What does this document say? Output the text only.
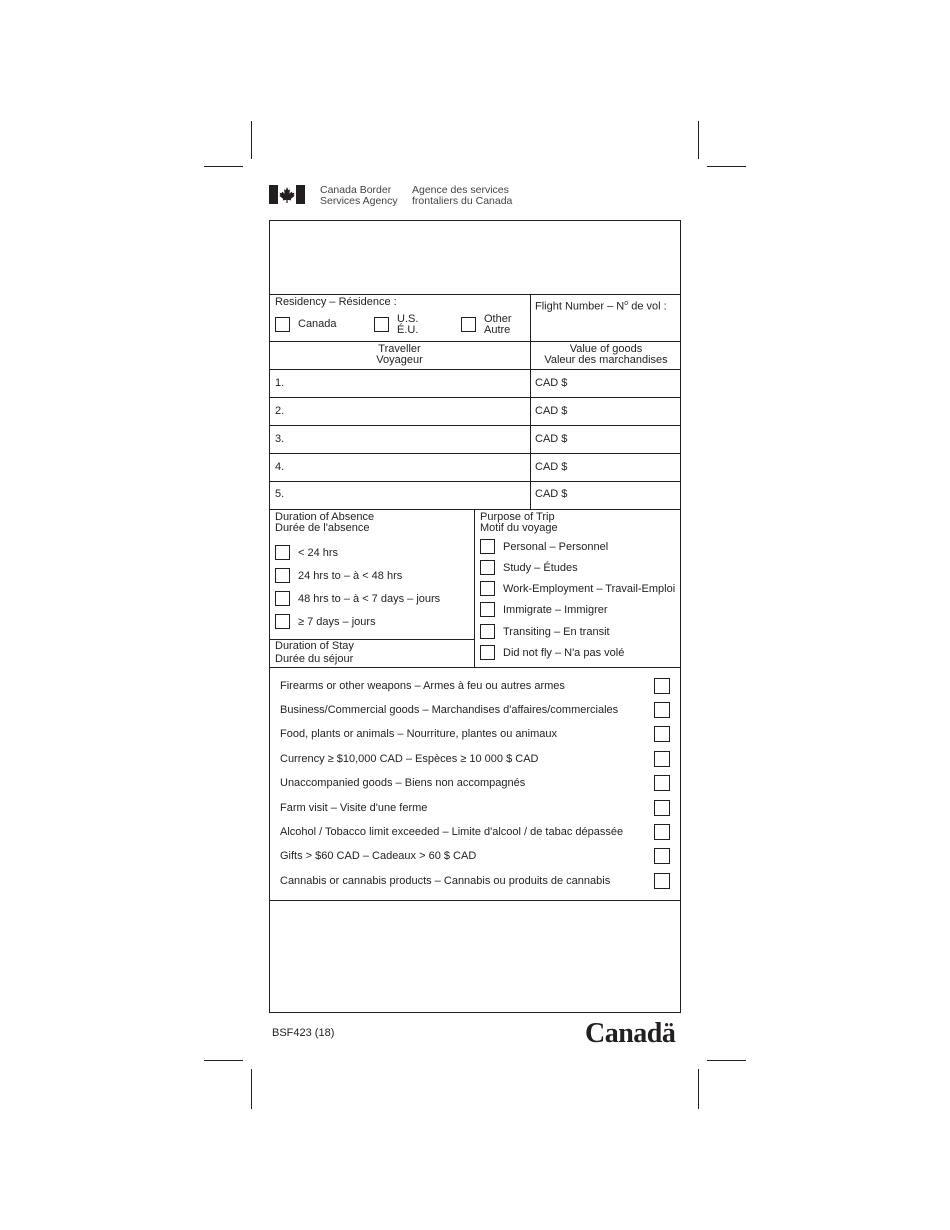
Canada Border
Services Agency
Agence des services
frontaliers du Canada
Residency – Résidence :
Canada	U.S.
É.U.
Other
Autre
Flight Number – $N^o$ de vol :
Traveller
Voyageur
Value of goods
Valeur des marchandises
1.	CAD $
2.	CAD $
3.	CAD $
4.	CAD $
5.	CAD $
Duration of Absence
Durée de l'absence
< 24 hrs
24 hrs to – à < 48 hrs
48 hrs to – à < 7 days – jours
≥ 7 days – jours
Duration of Stay
Durée du séjour
Purpose of Trip
Motif du voyage
Personal – Personnel
Study – Études
Work-Employment – Travail-Emploi
Immigrate – Immigrer
Transiting – En transit
Did not fly – N'a pas volé
Firearms or other weapons – Armes à feu ou autres armes
Business/Commercial goods – Marchandises d'affaires/commerciales
Food, plants or animals – Nourriture, plantes ou animaux
Currency ≥ $10,000 CAD – Espèces ≥ 10 000 $ CAD
Unaccompanied goods – Biens non accompagnés
Farm visit – Visite d'une ferme
Alcohol / Tobacco limit exceeded – Limite d'alcool / de tabac dépassée
Gifts > $60 CAD – Cadeaux > 60 $ CAD
Cannabis or cannabis products – Cannabis ou produits de cannabis
BSF423 (18)	Canadä
